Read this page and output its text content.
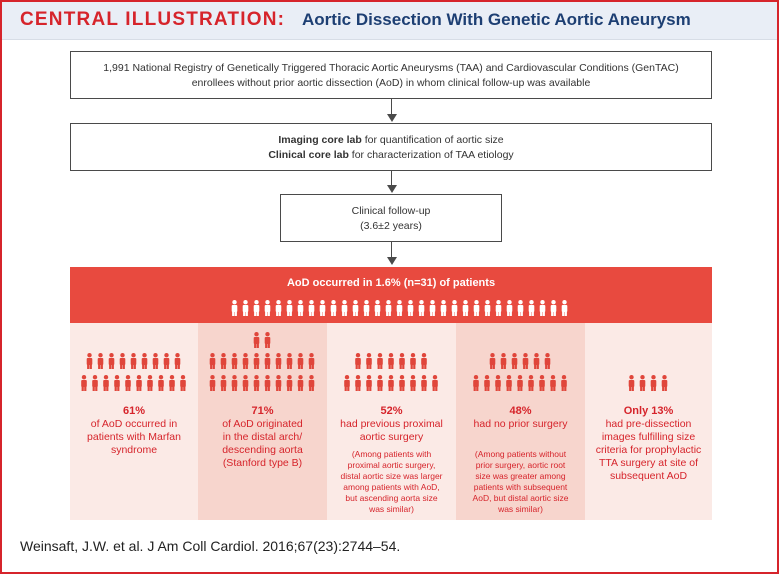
CENTRAL ILLUSTRATION: Aortic Dissection With Genetic Aortic Aneurysm
1,991 National Registry of Genetically Triggered Thoracic Aortic Aneurysms (TAA) and Cardiovascular Conditions (GenTAC)
enrollees without prior aortic dissection (AoD) in whom clinical follow-up was available
Imaging core lab for quantification of aortic size
Clinical core lab for characterization of TAA etiology
Clinical follow-up
(3.6±2 years)
AoD occurred in 1.6% (n=31) of patients
61%
of AoD occurred in
patients with Marfan
syndrome
71%
of AoD originated
in the distal arch/
descending aorta
(Stanford type B)
52%
had previous proximal
aortic surgery
(Among patients with
proximal aortic surgery,
distal aortic size was larger
among patients with AoD,
but ascending aorta size
was similar)
48%
had no prior surgery
(Among patients without
prior surgery, aortic root
size was greater among
patients with subsequent
AoD, but distal aortic size
was similar)
Only 13%
had pre-dissection
images fulfilling size
criteria for prophylactic
TTA surgery at site of
subsequent AoD
Weinsaft, J.W. et al. J Am Coll Cardiol. 2016;67(23):2744–54.
